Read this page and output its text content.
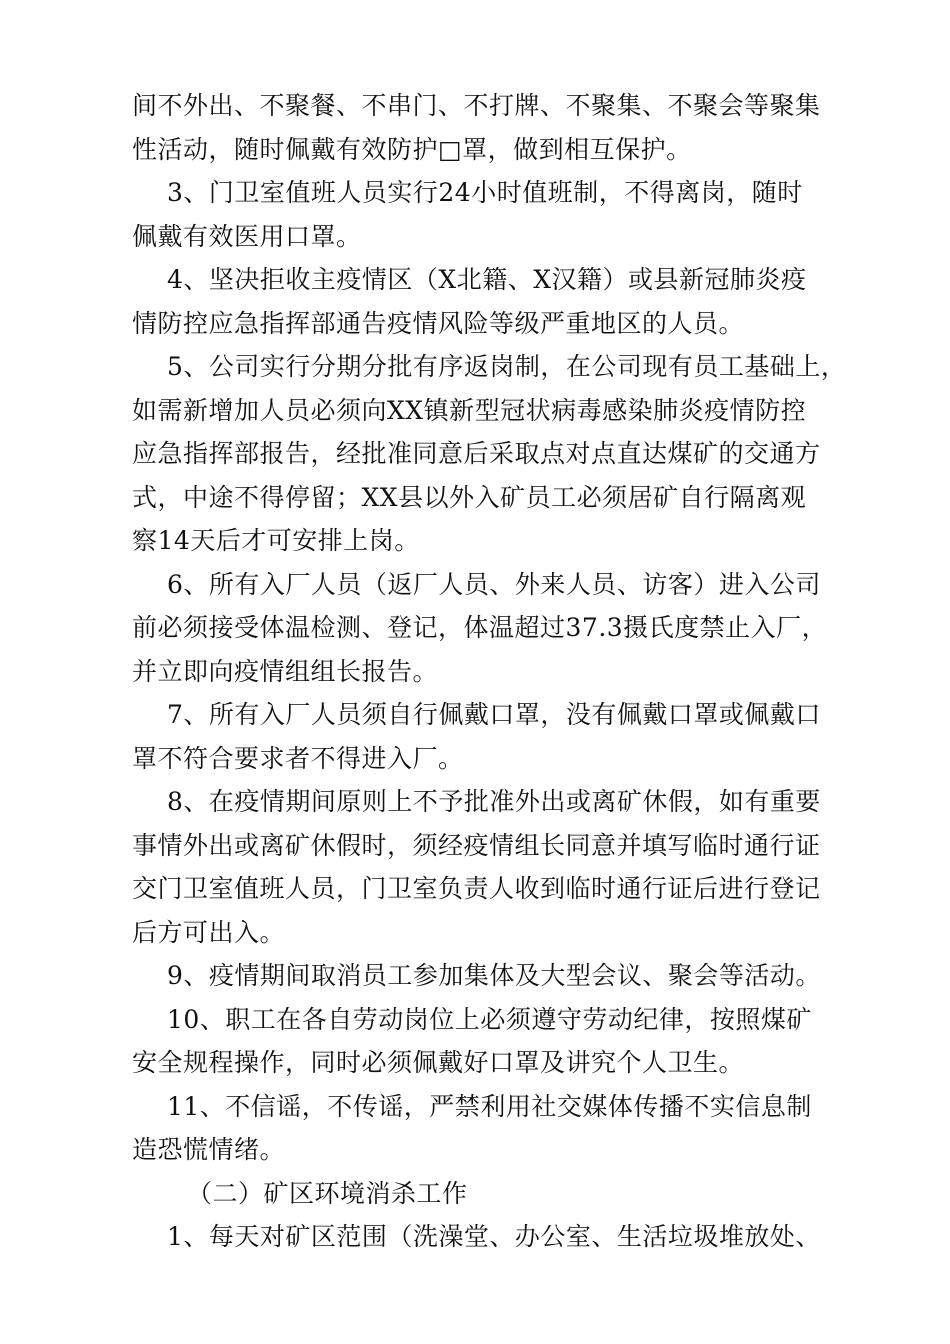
间不外出、不聚餐、不串门、不打牌、不聚集、不聚会等聚集
性活动，随时佩戴有效防护□罩，做到相互保护。
3、门卫室值班人员实行24小时值班制，不得离岗，随时
佩戴有效医用口罩。
4、坚决拒收主疫情区（X北籍、X汉籍）或县新冠肺炎疫
情防控应急指挥部通告疫情风险等级严重地区的人员。
5、公司实行分期分批有序返岗制，在公司现有员工基础上，
如需新增加人员必须向XX镇新型冠状病毒感染肺炎疫情防控
应急指挥部报告，经批准同意后采取点对点直达煤矿的交通方
式，中途不得停留；XX县以外入矿员工必须居矿自行隔离观
察14天后才可安排上岗。
6、所有入厂人员（返厂人员、外来人员、访客）进入公司
前必须接受体温检测、登记，体温超过37.3摄氏度禁止入厂，
并立即向疫情组组长报告。
7、所有入厂人员须自行佩戴口罩，没有佩戴口罩或佩戴口
罩不符合要求者不得进入厂。
8、在疫情期间原则上不予批准外出或离矿休假，如有重要
事情外出或离矿休假时，须经疫情组长同意并填写临时通行证
交门卫室值班人员，门卫室负责人收到临时通行证后进行登记
后方可出入。
9、疫情期间取消员工参加集体及大型会议、聚会等活动。
10、职工在各自劳动岗位上必须遵守劳动纪律，按照煤矿
安全规程操作，同时必须佩戴好口罩及讲究个人卫生。
11、不信谣，不传谣，严禁利用社交媒体传播不实信息制
造恐慌情绪。
（二）矿区环境消杀工作
1、每天对矿区范围（洗澡堂、办公室、生活垃圾堆放处、
